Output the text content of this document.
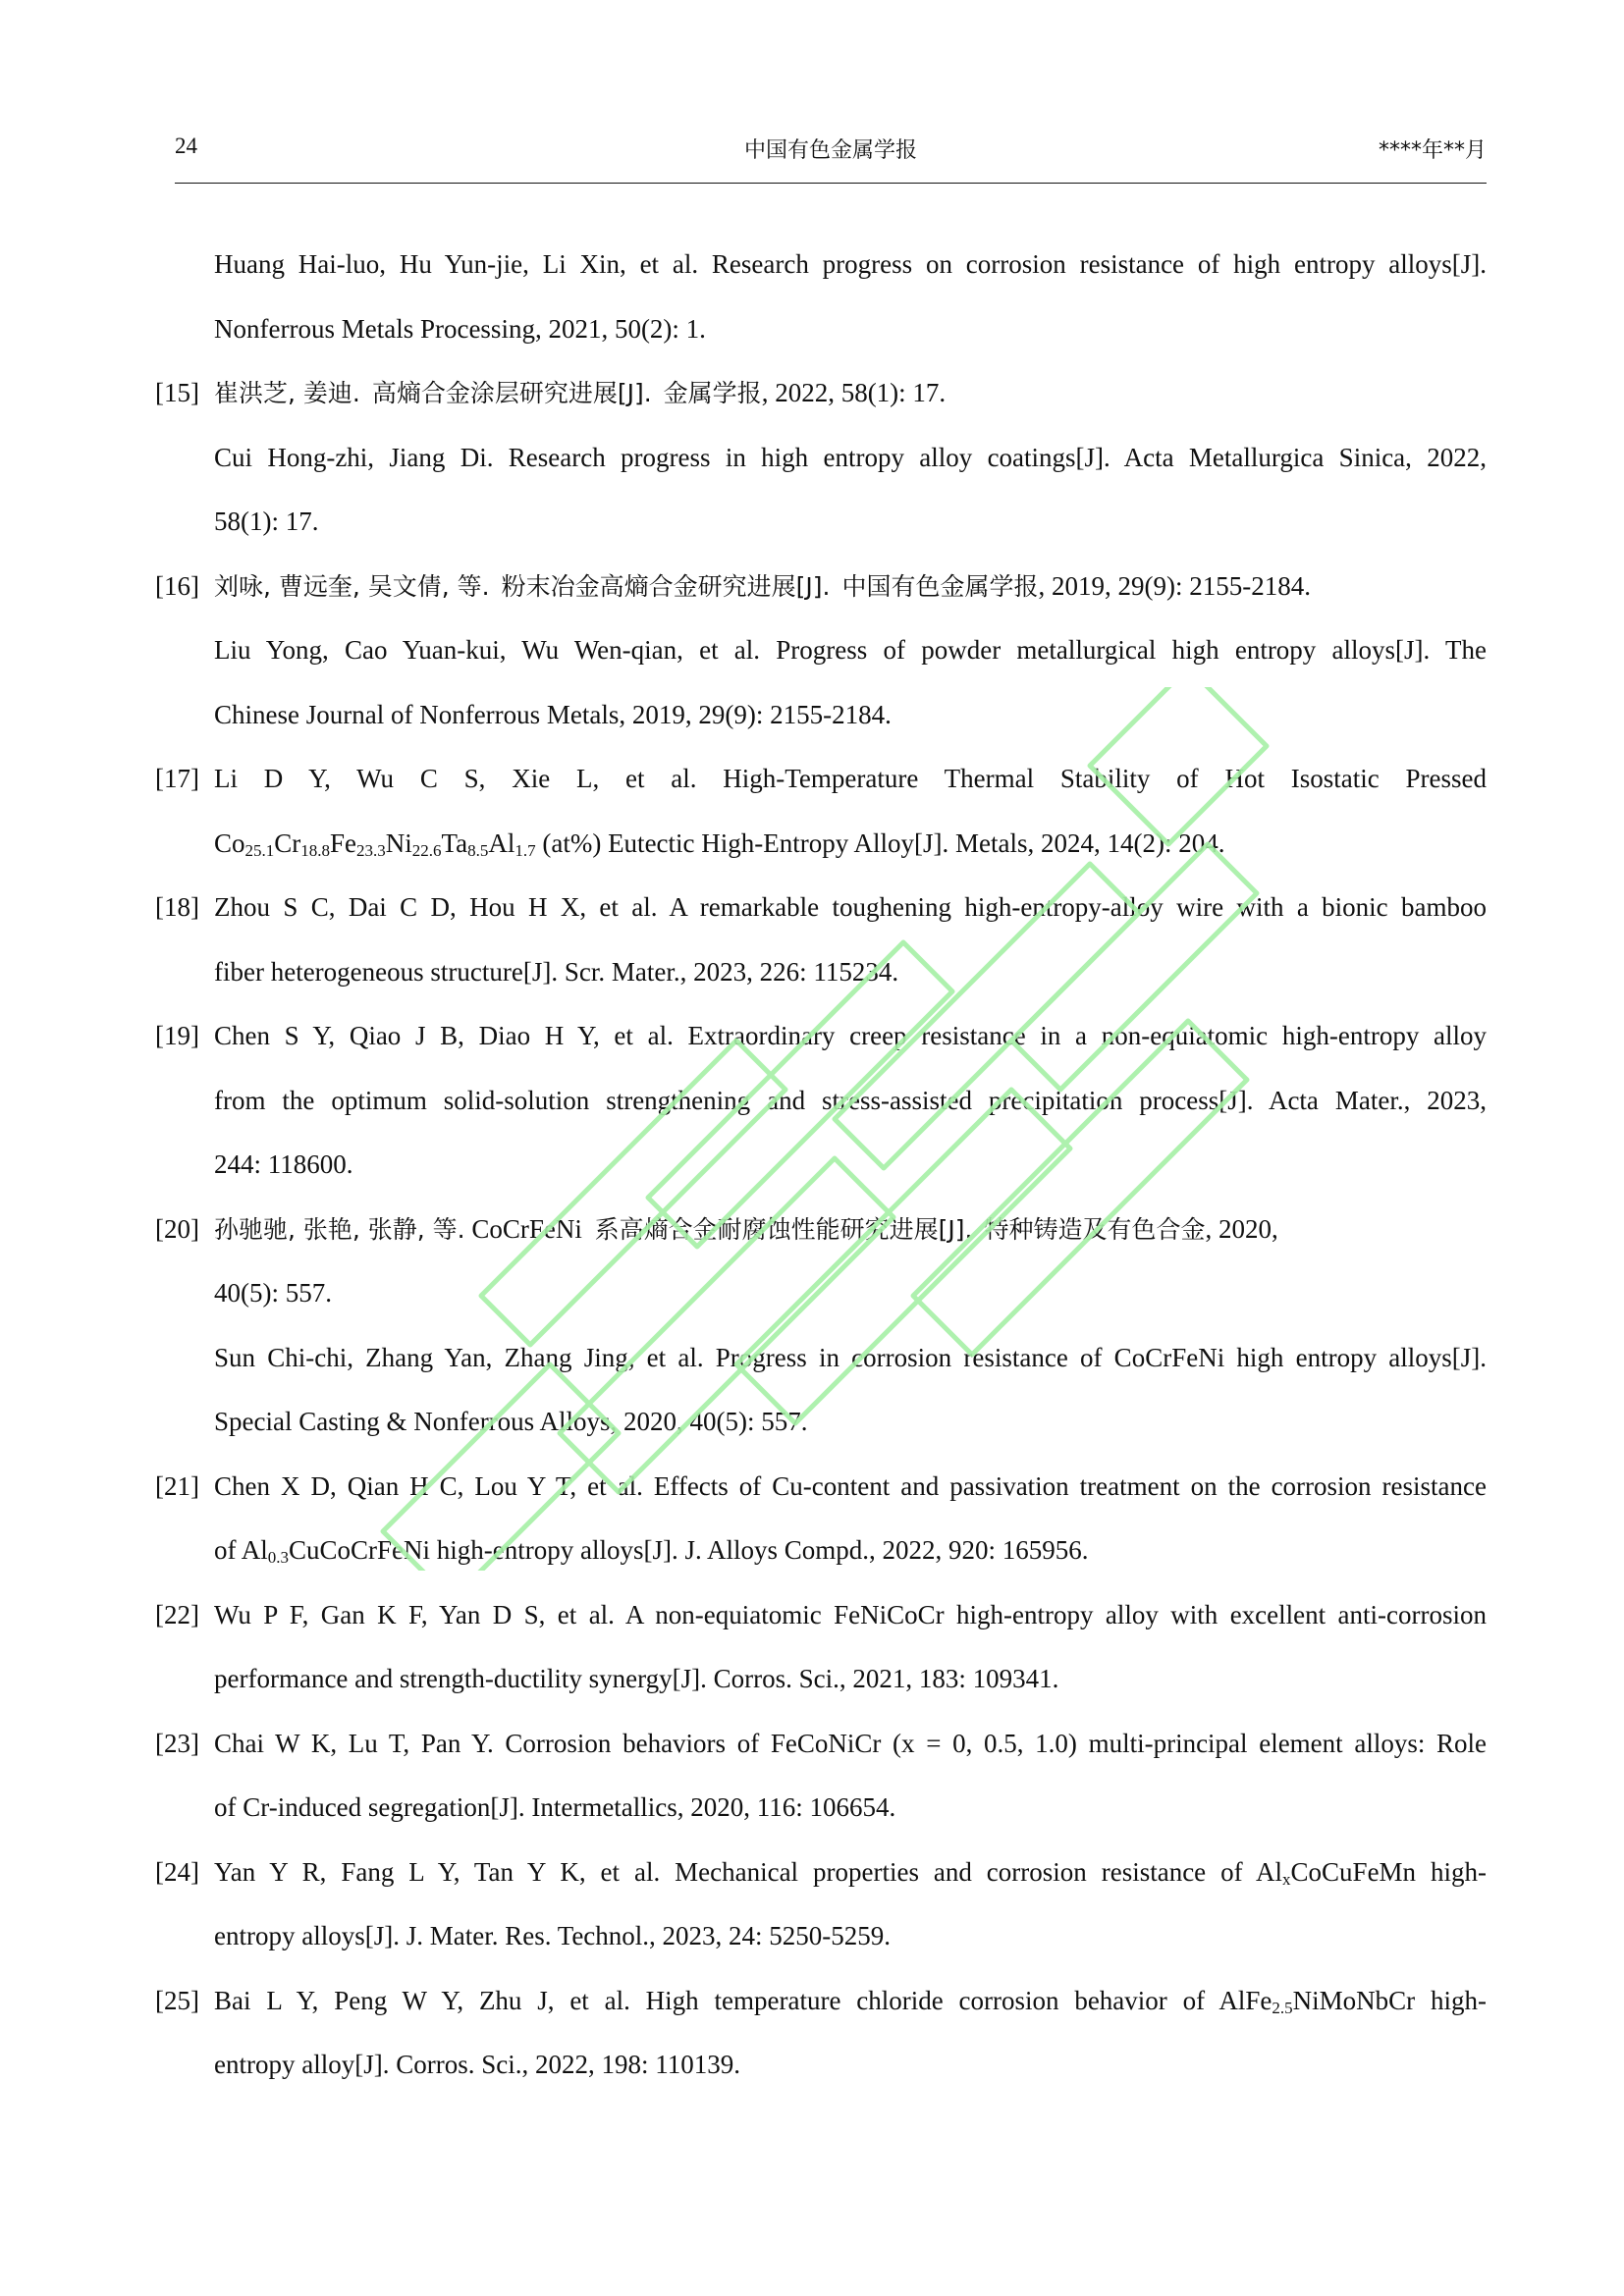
24	中国有色金属学报	****年**月
Huang Hai-luo, Hu Yun-jie, Li Xin, et al. Research progress on corrosion resistance of high entropy alloys[J].
Nonferrous Metals Processing, 2021, 50(2): 1.
[15] 崔洪芝, 姜迪. 高熵合金涂层研究进展[J]. 金属学报, 2022, 58(1): 17.
Cui Hong-zhi, Jiang Di. Research progress in high entropy alloy coatings[J]. Acta Metallurgica Sinica, 2022,
58(1): 17.
[16] 刘咏, 曹远奎, 吴文倩, 等. 粉末冶金高熵合金研究进展[J]. 中国有色金属学报, 2019, 29(9): 2155-2184.
Liu Yong, Cao Yuan-kui, Wu Wen-qian, et al. Progress of powder metallurgical high entropy alloys[J]. The
Chinese Journal of Nonferrous Metals, 2019, 29(9): 2155-2184.
[17] Li D Y, Wu C S, Xie L, et al. High-Temperature Thermal Stability of Hot Isostatic Pressed
$Co_{25.1}Cr_{18.8}Fe_{23.3}Ni_{22.6}Ta_{8.5}Al_{1.7}$ (at%) Eutectic High-Entropy Alloy[J]. Metals, 2024, 14(2): 204.
[18] Zhou S C, Dai C D, Hou H X, et al. A remarkable toughening high-entropy-alloy wire with a bionic bamboo
fiber heterogeneous structure[J]. Scr. Mater., 2023, 226: 115234.
[19] Chen S Y, Qiao J B, Diao H Y, et al. Extraordinary creep resistance in a non-equiatomic high-entropy alloy
from the optimum solid-solution strengthening and stress-assisted precipitation process[J]. Acta Mater., 2023,
244: 118600.
[20] 孙驰驰, 张艳, 张静, 等. CoCrFeNi 系高熵合金耐腐蚀性能研究进展[J]. 特种铸造及有色合金, 2020,
40(5): 557.
Sun Chi-chi, Zhang Yan, Zhang Jing, et al. Progress in corrosion resistance of CoCrFeNi high entropy alloys[J].
Special Casting & Nonferrous Alloys, 2020, 40(5): 557.
[21] Chen X D, Qian H C, Lou Y T, et al. Effects of Cu-content and passivation treatment on the corrosion resistance
of $Al_{0.3}CuCoCrFeNi$ high-entropy alloys[J]. J. Alloys Compd., 2022, 920: 165956.
[22] Wu P F, Gan K F, Yan D S, et al. A non-equiatomic FeNiCoCr high-entropy alloy with excellent anti-corrosion
performance and strength-ductility synergy[J]. Corros. Sci., 2021, 183: 109341.
[23] Chai W K, Lu T, Pan Y. Corrosion behaviors of FeCoNiCr (x = 0, 0.5, 1.0) multi-principal element alloys: Role
of Cr-induced segregation[J]. Intermetallics, 2020, 116: 106654.
[24] Yan Y R, Fang L Y, Tan Y K, et al. Mechanical properties and corrosion resistance of $Al_xCoCuFeMn$ high-
entropy alloys[J]. J. Mater. Res. Technol., 2023, 24: 5250-5259.
[25] Bai L Y, Peng W Y, Zhu J, et al. High temperature chloride corrosion behavior of AlFe$_{2.5}$NiMoNbCr high-
entropy alloy[J]. Corros. Sci., 2022, 198: 110139.
